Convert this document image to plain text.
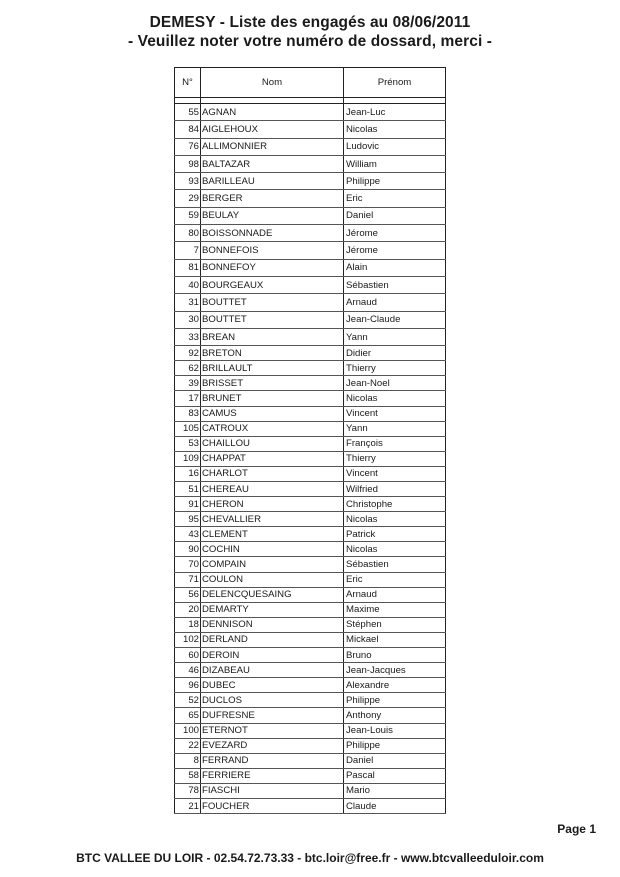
DEMESY - Liste des engagés au 08/06/2011
- Veuillez noter votre numéro de dossard, merci -
N°	Nom	Prénom

55	AGNAN	Jean-Luc
84	AIGLEHOUX	Nicolas
76	ALLIMONNIER	Ludovic
98	BALTAZAR	William
93	BARILLEAU	Philippe
29	BERGER	Eric
59	BEULAY	Daniel
80	BOISSONNADE	Jérome
7	BONNEFOIS	Jérome
81	BONNEFOY	Alain
40	BOURGEAUX	Sébastien
31	BOUTTET	Arnaud
30	BOUTTET	Jean-Claude
33	BREAN	Yann
92	BRETON	Didier
62	BRILLAULT	Thierry
39	BRISSET	Jean-Noel
17	BRUNET	Nicolas
83	CAMUS	Vincent
105	CATROUX	Yann
53	CHAILLOU	François
109	CHAPPAT	Thierry
16	CHARLOT	Vincent
51	CHEREAU	Wilfried
91	CHERON	Christophe
95	CHEVALLIER	Nicolas
43	CLEMENT	Patrick
90	COCHIN	Nicolas
70	COMPAIN	Sébastien
71	COULON	Eric
56	DELENCQUESAING	Arnaud
20	DEMARTY	Maxime
18	DENNISON	Stéphen
102	DERLAND	Mickael
60	DEROIN	Bruno
46	DIZABEAU	Jean-Jacques
96	DUBEC	Alexandre
52	DUCLOS	Philippe
65	DUFRESNE	Anthony
100	ETERNOT	Jean-Louis
22	EVEZARD	Philippe
8	FERRAND	Daniel
58	FERRIERE	Pascal
78	FIASCHI	Mario
21	FOUCHER	Claude
Page 1
BTC VALLEE DU LOIR - 02.54.72.73.33 - btc.loir@free.fr - www.btcvalleeduloir.com
